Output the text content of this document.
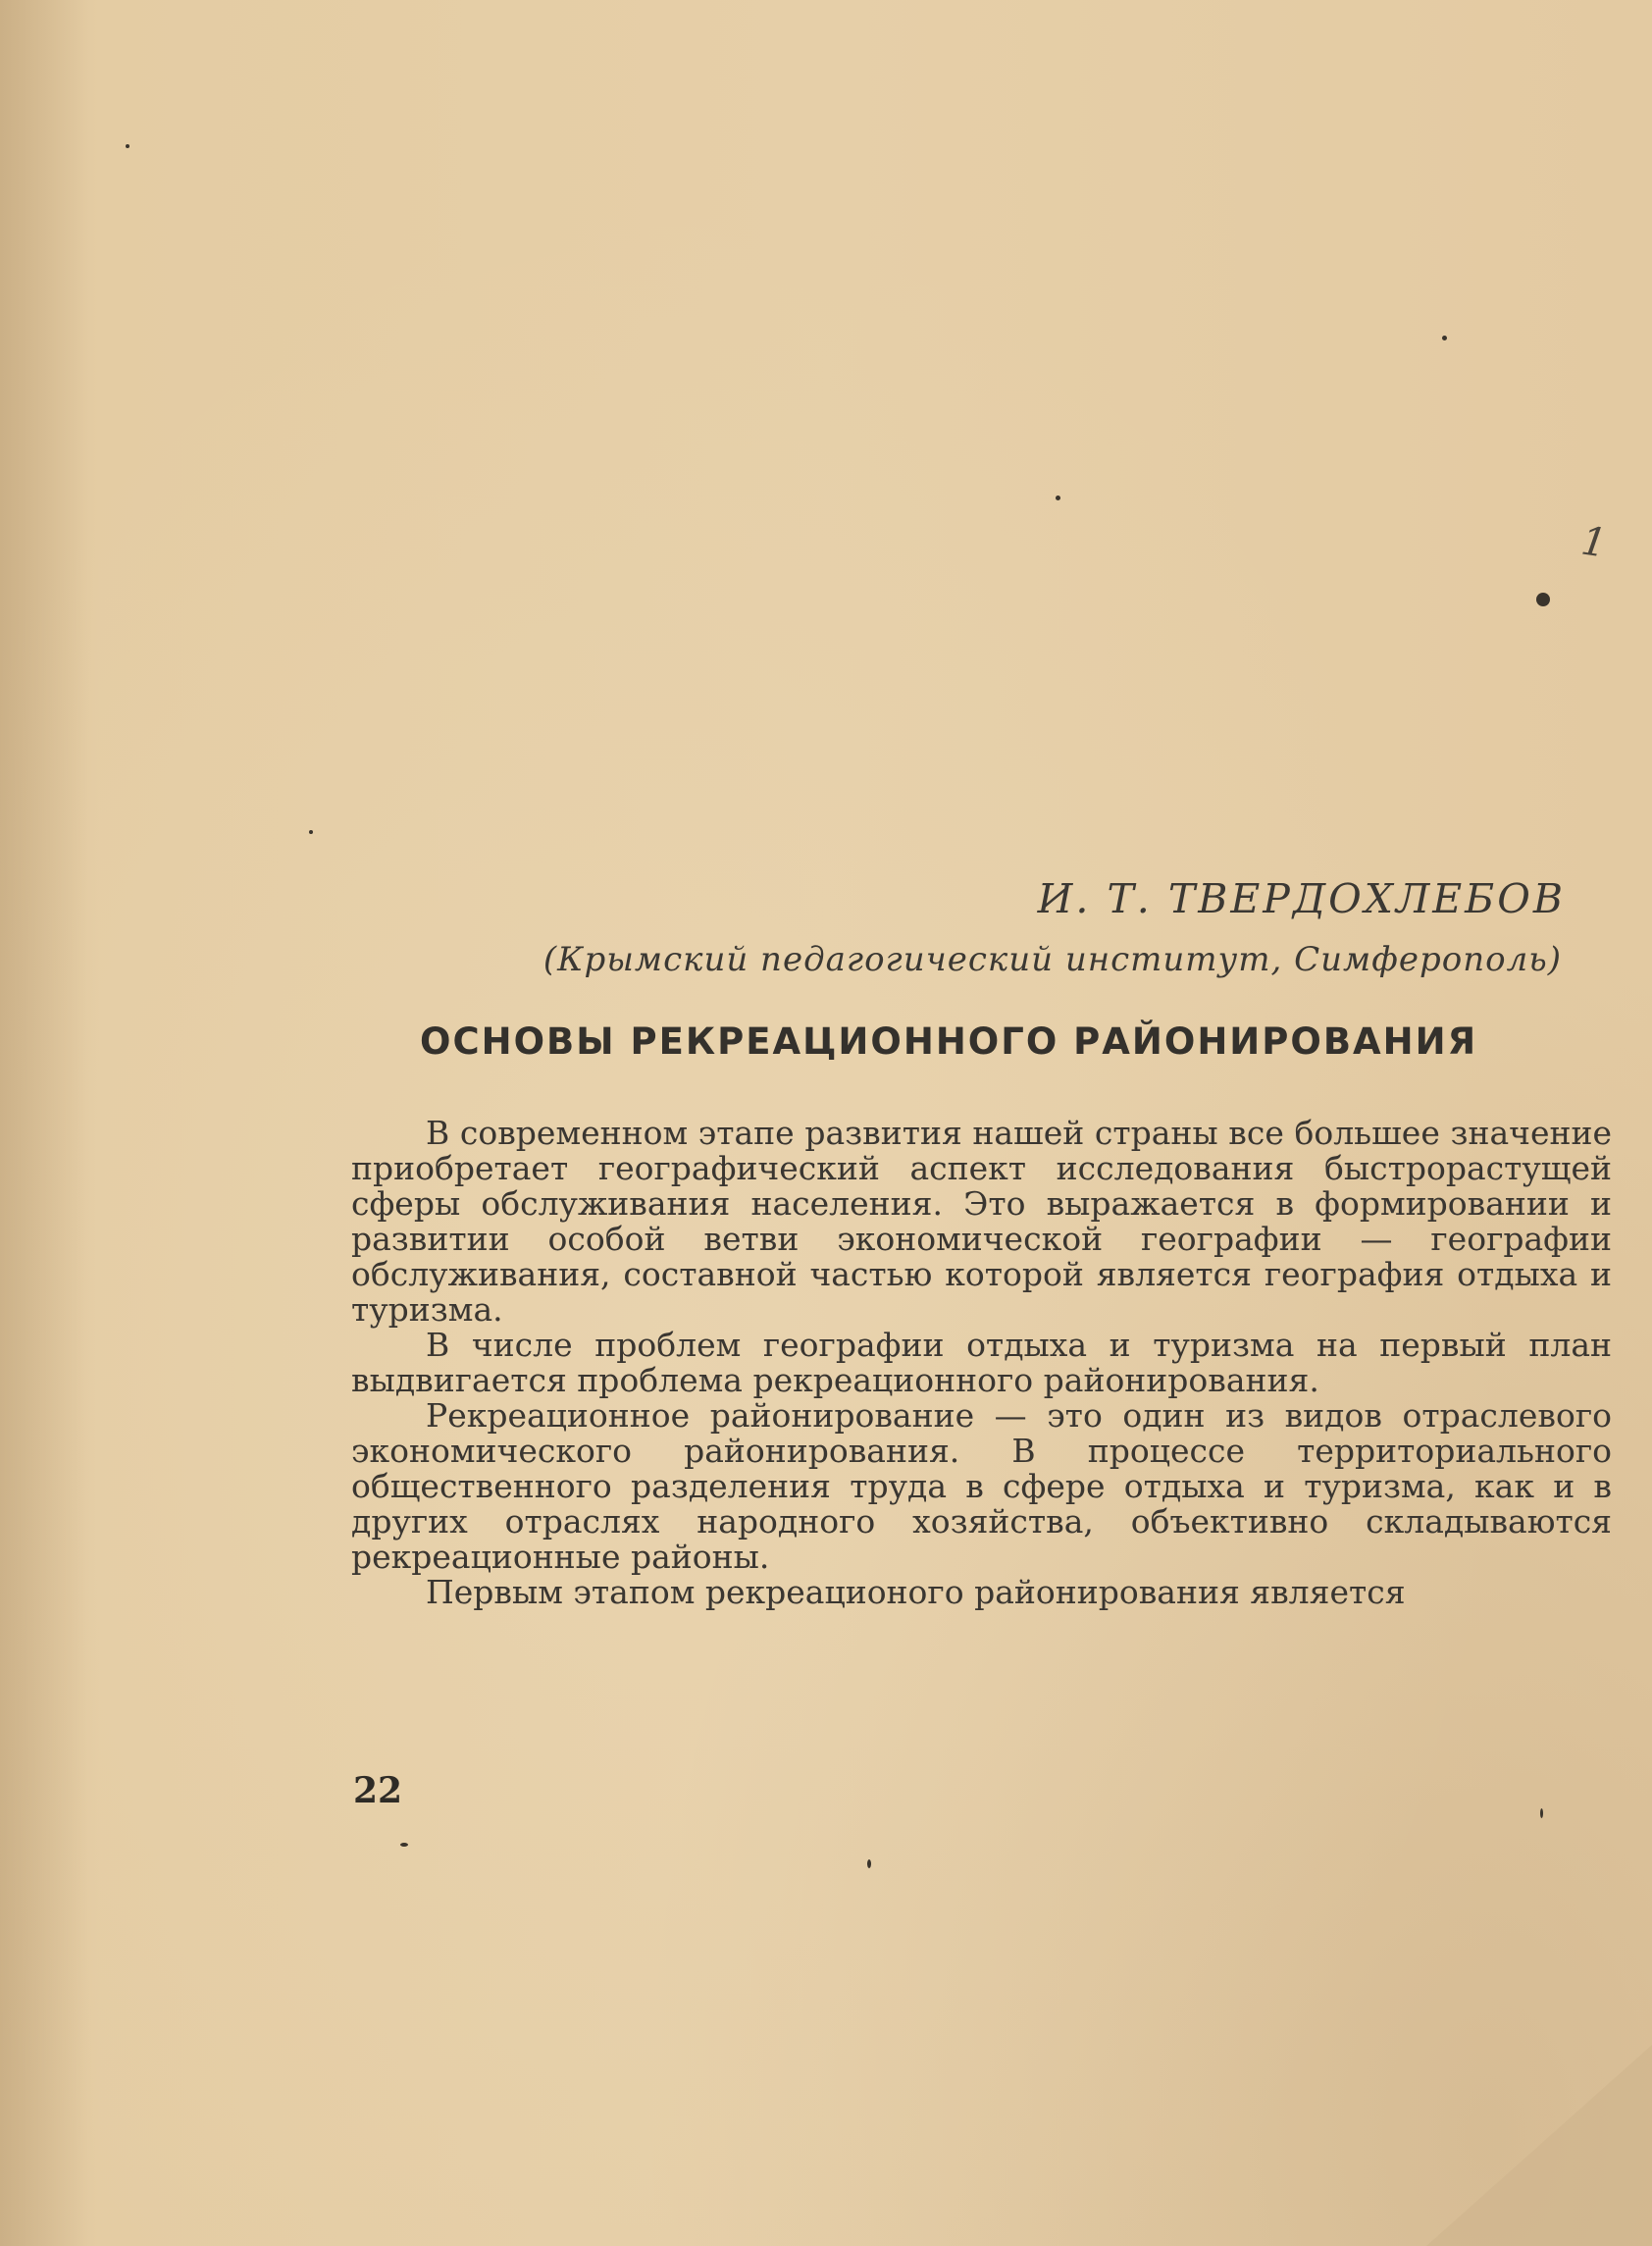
1
И. Т. ТВЕРДОХЛЕБОВ
(Крымский педагогический институт, Симферополь)
ОСНОВЫ РЕКРЕАЦИОННОГО РАЙОНИРОВАНИЯ

В современном этапе развития нашей страны все большее значение приобретает географический аспект исследования быстрорастущей сферы обслуживания населения. Это выражается в формировании и развитии особой ветви экономической географии — географии обслуживания, составной частью которой является география отдыха и туризма.

В числе проблем географии отдыха и туризма на первый план выдвигается проблема рекреационного районирования.

Рекреационное районирование — это один из видов отраслевого экономического районирования. В процессе территориального общественного разделения труда в сфере отдыха и туризма, как и в других отраслях народного хозяйства, объективно складываются рекреационные районы.

Первым этапом рекреационого районирования является

22
